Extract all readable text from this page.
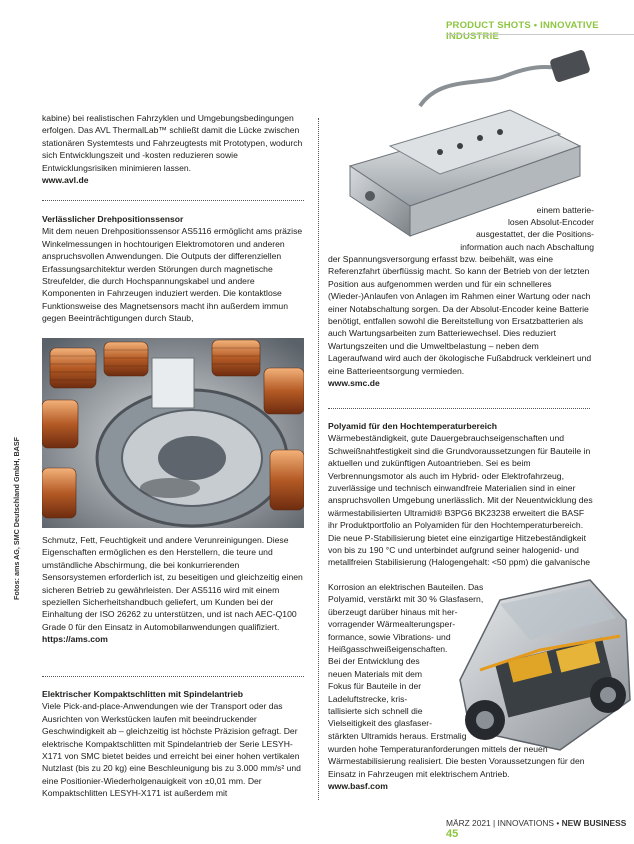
PRODUCT SHOTS • INNOVATIVE INDUSTRIE
Fotos: ams AG, SMC Deutschland GmbH, BASF

kabine) bei realistischen Fahrzyklen und Umgebungsbedingungen erfolgen. Das AVL ThermalLab™ schließt damit die Lücke zwischen stationären Systemtests und Fahrzeugtests mit Prototypen, wodurch sich Entwicklungszeit und -kosten reduzieren sowie Entwicklungsrisiken minimieren lassen.

www.avl.de

Verlässlicher Drehpositionssensor

Mit dem neuen Drehpositionssensor AS5116 ermöglicht ams präzise Winkelmessungen in hochtourigen Elektromotoren und anderen anspruchsvollen Anwendungen. Die Outputs der differenziellen Erfassungsarchitektur werden Störungen durch magnetische Streufelder, die durch Hochspannungskabel und andere Komponenten in Fahrzeugen induziert werden. Die kontaktlose Funktionsweise des Magnetsensors macht ihn außerdem immun gegen Beeinträchtigungen durch Staub,

Schmutz, Fett, Feuchtigkeit und andere Verunreinigungen. Diese Eigenschaften ermöglichen es den Herstellern, die teure und umständliche Abschirmung, die bei konkurrierenden Sensorsystemen erforderlich ist, zu beseitigen und gleichzeitig einen sicheren Betrieb zu gewährleisten. Der AS5116 wird mit einem speziellen Sicherheitshandbuch geliefert, um Kunden bei der Einhaltung der ISO 26262 zu unterstützen, und ist nach AEC-Q100 Grade 0 für den Einsatz in Automobilanwendungen qualifiziert.

https://ams.com

Elektrischer Kompaktschlitten mit Spindelantrieb

Viele Pick-and-place-Anwendungen wie der Transport oder das Ausrichten von Werkstücken laufen mit beeindruckender Geschwindigkeit ab – gleichzeitig ist höchste Präzision gefragt. Der elektrische Kompaktschlitten mit Spindelantrieb der Serie LESYH-X171 von SMC bietet beides und erreicht bei einer hohen vertikalen Nutzlast (bis zu 20 kg) eine Beschleunigung bis zu 3.000 mm/s² und eine Positionier-Wiederholgenauigkeit von ±0,01 mm. Der Kompaktschlitten LESYH-X171 ist außerdem mit

einem batterie-

losen Absolut-Encoder

ausgestattet, der die Positions-

information auch nach Abschaltung

der Spannungsversorgung erfasst bzw. beibehält, was eine Referenzfahrt überflüssig macht. So kann der Betrieb von der letzten Position aus aufgenommen werden und für ein schnelleres (Wieder-)Anlaufen von Anlagen im Rahmen einer Wartung oder nach einer Notabschaltung sorgen. Da der Absolut-Encoder keine Batterie benötigt, entfallen sowohl die Bereitstellung von Ersatzbatterien als auch Wartungsarbeiten zum Batteriewechsel. Dies reduziert Wartungszeiten und die Umweltbelastung – neben dem Lageraufwand wird auch der ökologische Fußabdruck verkleinert und eine Batterieentsorgung vermieden.

www.smc.de

Polyamid für den Hochtemperaturbereich

Wärmebeständigkeit, gute Dauergebrauchseigenschaften und Schweißnahtfestigkeit sind die Grundvoraussetzungen für Bauteile in aktuellen und zukünftigen Autoantrieben. Sei es beim Verbrennungsmotor als auch im Hybrid- oder Elektrofahrzeug, zuverlässige und technisch einwandfreie Materialien sind in einer anspruchsvollen Umgebung unerlässlich. Mit der Neuentwicklung des wärmestabilisierten Ultramid® B3PG6 BK23238 erweitert die BASF ihr Produktportfolio an Polyamiden für den Hochtemperaturbereich. Die neue P-Stabilisierung bietet eine einzigartige Hitzebeständigkeit von bis zu 190 °C und unterbindet aufgrund seiner halogenid- und metallfreien Stabilisierung (Halogengehalt: <50 ppm) die galvanische

Korrosion an elektrischen Bauteilen. Das

Polyamid, verstärkt mit 30 % Glasfasern,

überzeugt darüber hinaus mit her-

vorragender Wärmealterungsper-

formance, sowie Vibrations- und

Heißgasschweißeigenschaften.

Bei der Entwicklung des

neuen Materials mit dem

Fokus für Bauteile in der

Ladeluftstrecke, kris-

tallisierte sich schnell die

Vielseitigkeit des glasfaser-

stärkten Ultramids heraus. Erstmalig

wurden hohe Temperaturanforderungen mittels der neuen Wärmestabilisierung realisiert. Die besten Voraussetzungen für den Einsatz in Fahrzeugen mit elektrischem Antrieb.

www.basf.com

MÄRZ 2021 | INNOVATIONS • NEW BUSINESS 45
